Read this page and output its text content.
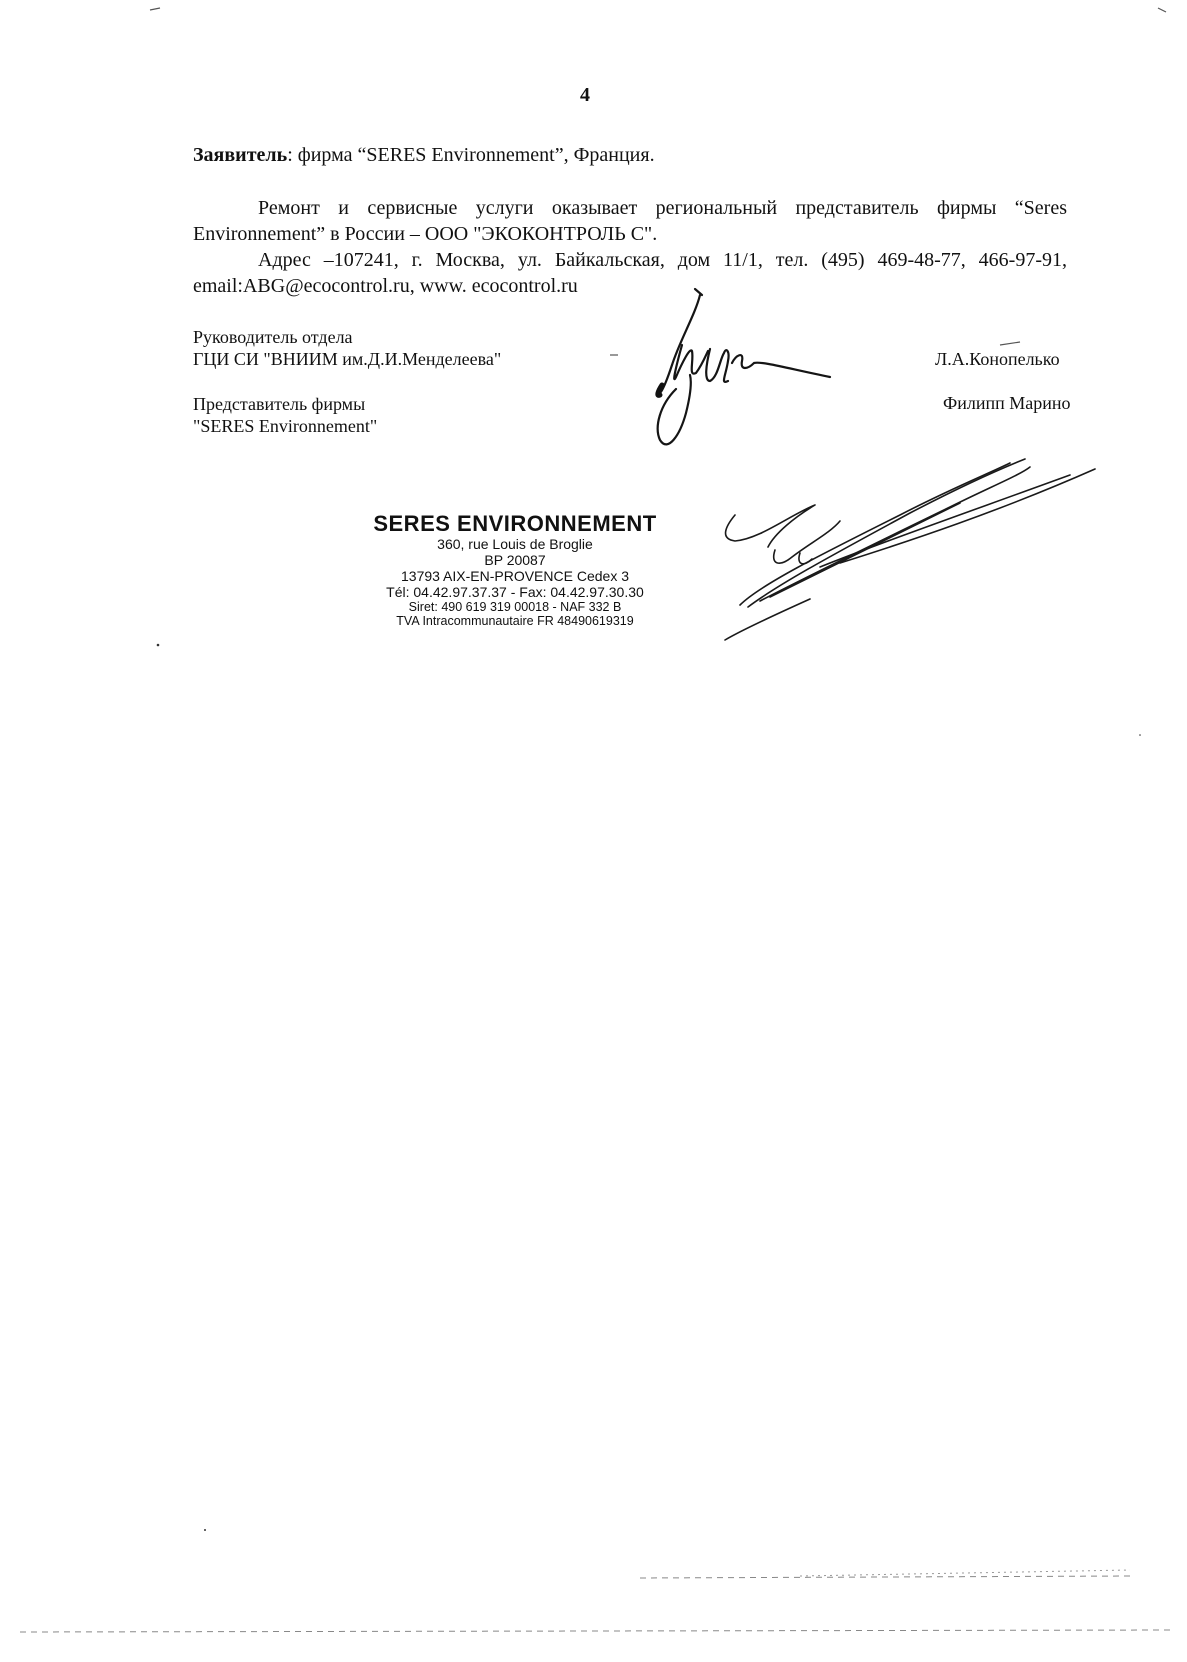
4

Заявитель: фирма “SERES Environnement”, Франция.

Ремонт и сервисные услуги оказывает региональный представитель фирмы “Seres Environnement” в России – ООО "ЭКОКОНТРОЛЬ С".

Адрес –107241, г. Москва, ул. Байкальская, дом 11/1, тел. (495) 469-48-77, 466-97-91, email:ABG@ecocontrol.ru, www. ecocontrol.ru

Руководитель отдела
ГЦИ СИ "ВНИИМ им.Д.И.Менделеева"	Л.А.Конопелько
Представитель фирмы
"SERES Environnement"
Филипп Марино
SERES ENVIRONNEMENT
360, rue Louis de Broglie
BP 20087
13793 AIX-EN-PROVENCE Cedex 3
Tél: 04.42.97.37.37 - Fax: 04.42.97.30.30
Siret: 490 619 319 00018 - NAF 332 B
TVA Intracommunautaire FR 48490619319
